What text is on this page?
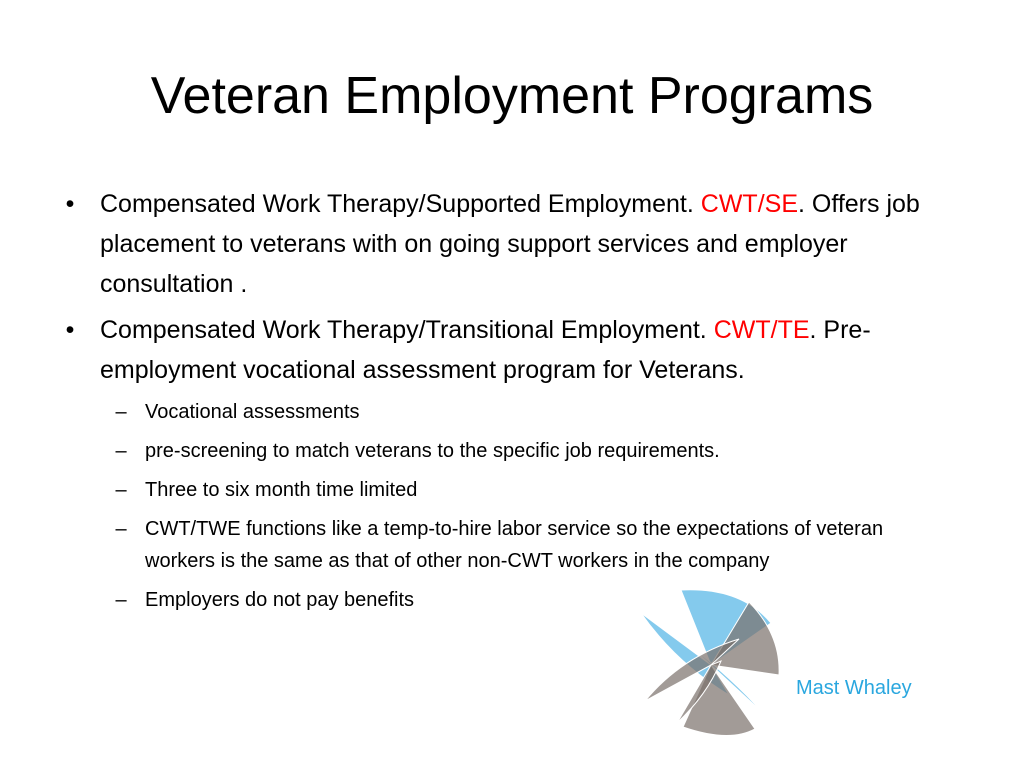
Veteran Employment Programs
• Compensated Work Therapy/Supported Employment. CWT/SE. Offers job placement to veterans with on going support services and employer consultation .
• Compensated Work Therapy/Transitional Employment. CWT/TE. Pre-employment vocational assessment program for Veterans.
– Vocational assessments
– pre-screening to match veterans to the specific job requirements.
– Three to six month time limited
– CWT/TWE functions like a temp-to-hire labor service so the expectations of veteran workers is the same as that of other non-CWT workers in the company
– Employers do not pay benefits
Mast Whaley
